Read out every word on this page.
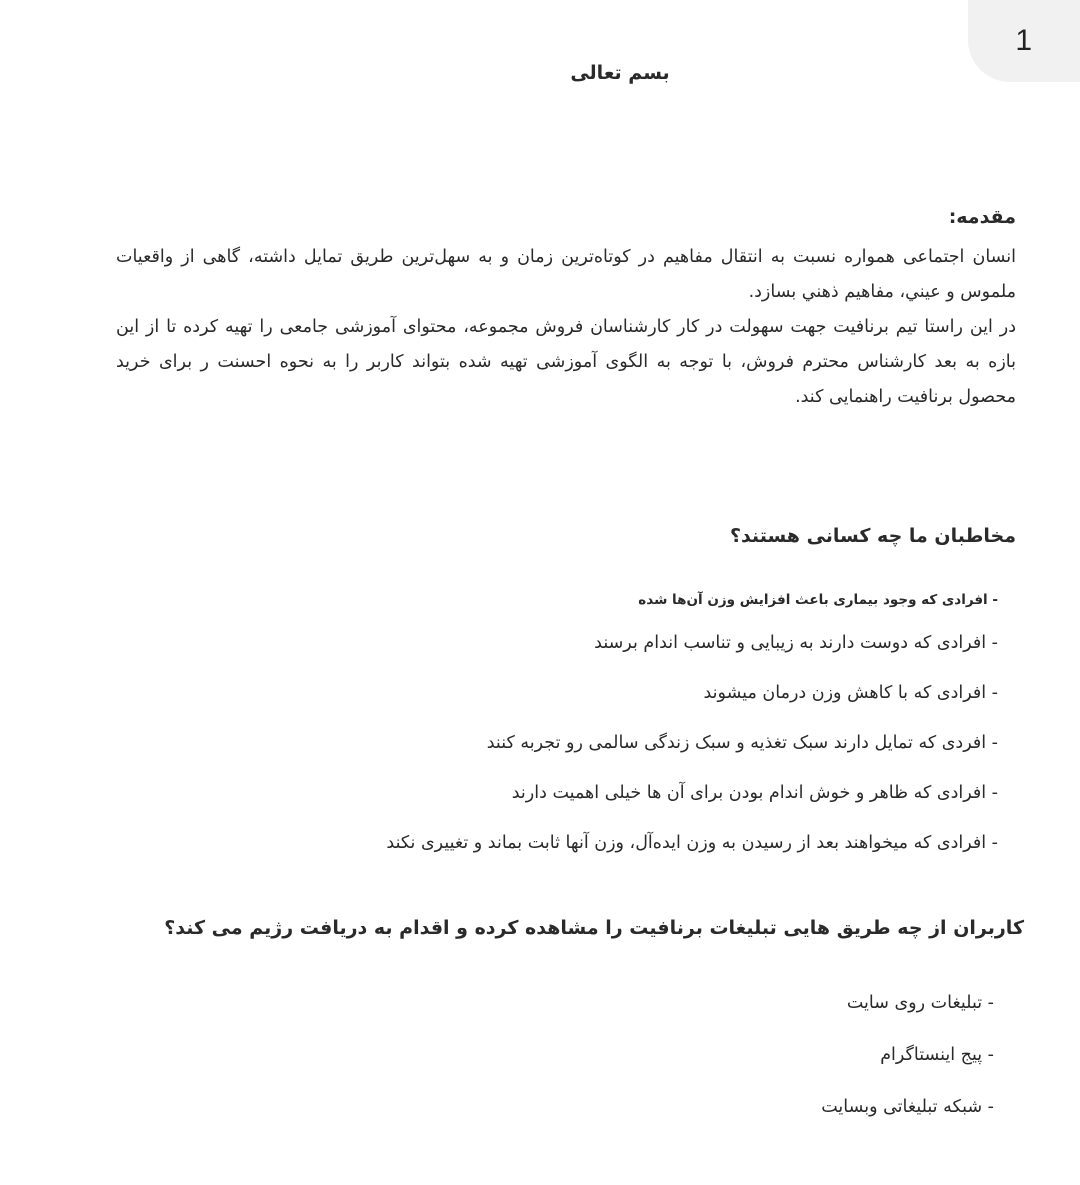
1
بسم تعالی
مقدمه:

انسان اجتماعی همواره نسبت به انتقال مفاهیم در کوتاه‌ترین زمان و به سهل‌ترین طریق تمایل داشته، گاهی از واقعیات ملموس و عيني، مفاهيم ذهني بسازد.

در این راستا تیم برنافیت جهت سهولت در کار کارشناسان فروش مجموعه، محتوای آموزشی جامعی را تهیه کرده تا از این بازه به بعد کارشناس محترم فروش، با توجه به الگوی آموزشی تهیه شده بتواند کاربر را به نحوه احسنت ر برای خرید محصول برنافیت راهنمایی کند.

مخاطبان ما چه کسانی هستند؟
- افرادی که وجود بیماری باعث افزایش وزن آن‌ها شده
- افرادی که دوست دارند به زیبایی و تناسب اندام برسند
- افرادی که با کاهش وزن درمان میشوند
- افردی که تمایل دارند سبک تغذیه و سبک زندگی سالمی رو تجربه کنند
- افرادی که ظاهر و خوش اندام بودن برای آن ها خیلی اهمیت دارند
- افرادی که میخواهند بعد از رسیدن به وزن ایده‌آل، وزن آنها ثابت بماند و تغییری نکند
کاربران از چه طریق هایی تبلیغات برنافیت را مشاهده کرده و اقدام به دریافت رژیم می کند؟
- تبلیغات روی سایت
- پیج اینستاگرام
- شبکه تبلیغاتی وبسایت
